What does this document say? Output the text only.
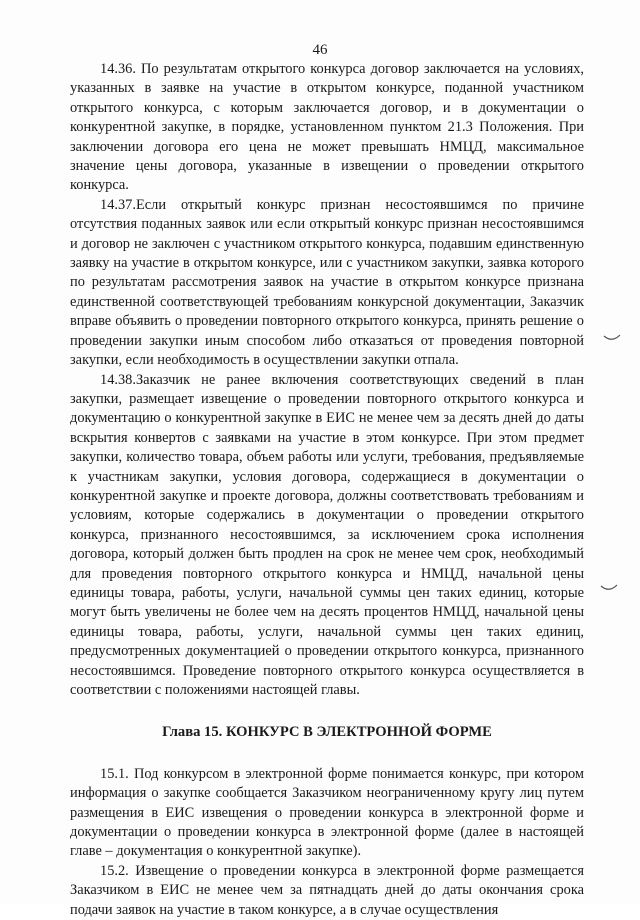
46

14.36. По результатам открытого конкурса договор заключается на условиях, указанных в заявке на участие в открытом конкурсе, поданной участником открытого конкурса, с которым заключается договор, и в документации о конкурентной закупке, в порядке, установленном пунктом 21.3 Положения. При заключении договора его цена не может превышать НМЦД, максимальное значение цены договора, указанные в извещении о проведении открытого конкурса.

14.37.Если открытый конкурс признан несостоявшимся по причине отсутствия поданных заявок или если открытый конкурс признан несостоявшимся и договор не заключен с участником открытого конкурса, подавшим единственную заявку на участие в открытом конкурсе, или с участником закупки, заявка которого по результатам рассмотрения заявок на участие в открытом конкурсе признана единственной соответствующей требованиям конкурсной документации, Заказчик вправе объявить о проведении повторного открытого конкурса, принять решение о проведении закупки иным способом либо отказаться от проведения повторной закупки, если необходимость в осуществлении закупки отпала.

14.38.Заказчик не ранее включения соответствующих сведений в план закупки, размещает извещение о проведении повторного открытого конкурса и документацию о конкурентной закупке в ЕИС не менее чем за десять дней до даты вскрытия конвертов с заявками на участие в этом конкурсе. При этом предмет закупки, количество товара, объем работы или услуги, требования, предъявляемые к участникам закупки, условия договора, содержащиеся в документации о конкурентной закупке и проекте договора, должны соответствовать требованиям и условиям, которые содержались в документации о проведении открытого конкурса, признанного несостоявшимся, за исключением срока исполнения договора, который должен быть продлен на срок не менее чем срок, необходимый для проведения повторного открытого конкурса и НМЦД, начальной цены единицы товара, работы, услуги, начальной суммы цен таких единиц, которые могут быть увеличены не более чем на десять процентов НМЦД, начальной цены единицы товара, работы, услуги, начальной суммы цен таких единиц, предусмотренных документацией о проведении открытого конкурса, признанного несостоявшимся. Проведение повторного открытого конкурса осуществляется в соответствии с положениями настоящей главы.

Глава 15. КОНКУРС В ЭЛЕКТРОННОЙ ФОРМЕ

15.1. Под конкурсом в электронной форме понимается конкурс, при котором информация о закупке сообщается Заказчиком неограниченному кругу лиц путем размещения в ЕИС извещения о проведении конкурса в электронной форме и документации о проведении конкурса в электронной форме (далее в настоящей главе – документация о конкурентной закупке).

15.2. Извещение о проведении конкурса в электронной форме размещается Заказчиком в ЕИС не менее чем за пятнадцать дней до даты окончания срока подачи заявок на участие в таком конкурсе, а в случае осуществления
